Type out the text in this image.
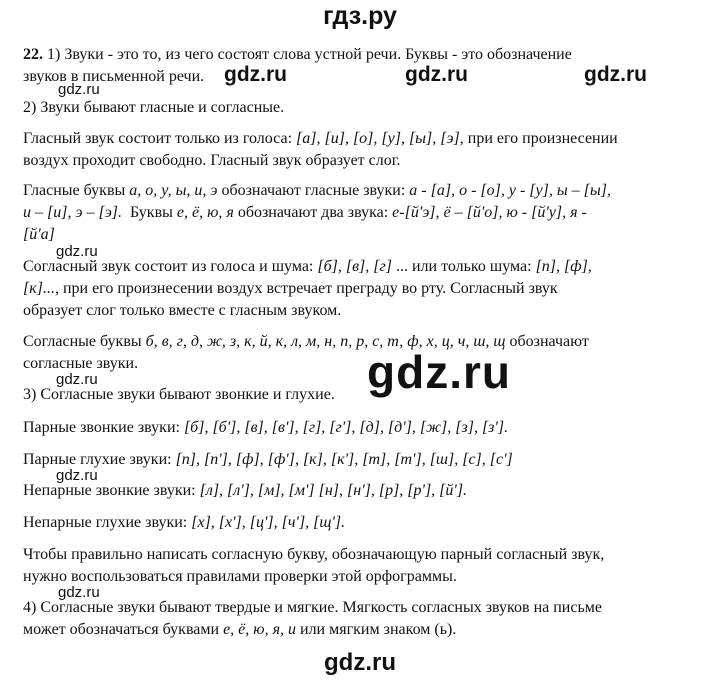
гдз.ру
22. 1) Звуки - это то, из чего состоят слова устной речи. Буквы - это обозначение
звуков в письменной речи.
2) Звуки бывают гласные и согласные.
Гласный звук состоит только из голоса: [а], [и], [о], [у], [ы], [э], при его произнесении
воздух проходит свободно. Гласный звук образует слог.
Гласные буквы а, о, у, ы, и, э обозначают гласные звуки: а - [а], о - [о], у - [у], ы – [ы],
и – [и], э – [э].  Буквы е, ё, ю, я обозначают два звука: е-[й'э], ё – [й'о], ю - [й'у], я -
[й'а]
Согласный звук состоит из голоса и шума: [б], [в], [г] ... или только шума: [п], [ф],
[к]..., при его произнесении воздух встречает преграду во рту. Согласный звук
образует слог только вместе с гласным звуком.
Согласные буквы б, в, г, д, ж, з, к, й, к, л, м, н, п, р, с, т, ф, х, ц, ч, ш, щ обозначают
согласные звуки.
3) Согласные звуки бывают звонкие и глухие.
Парные звонкие звуки: [б], [б'], [в], [в'], [г], [г'], [д], [д'], [ж], [з], [з'].
Парные глухие звуки: [п], [п'], [ф], [ф'], [к], [к'], [т], [т'], [ш], [с], [с']
Непарные звонкие звуки: [л], [л'], [м], [м'] [н], [н'], [р], [р'], [й'].
Непарные глухие звуки: [х], [х'], [ц'], [ч'], [щ'].
Чтобы правильно написать согласную букву, обозначающую парный согласный звук,
нужно воспользоваться правилами проверки этой орфограммы.
4) Согласные звуки бывают твердые и мягкие. Мягкость согласных звуков на письме
может обозначаться буквами е, ё, ю, я, и или мягким знаком (ь).
gdz.ru	gdz.ru	gdz.ru
gdz.ru
gdz.ru
gdz.ru
gdz.ru
gdz.ru
gdz.ru
gdz.ru
